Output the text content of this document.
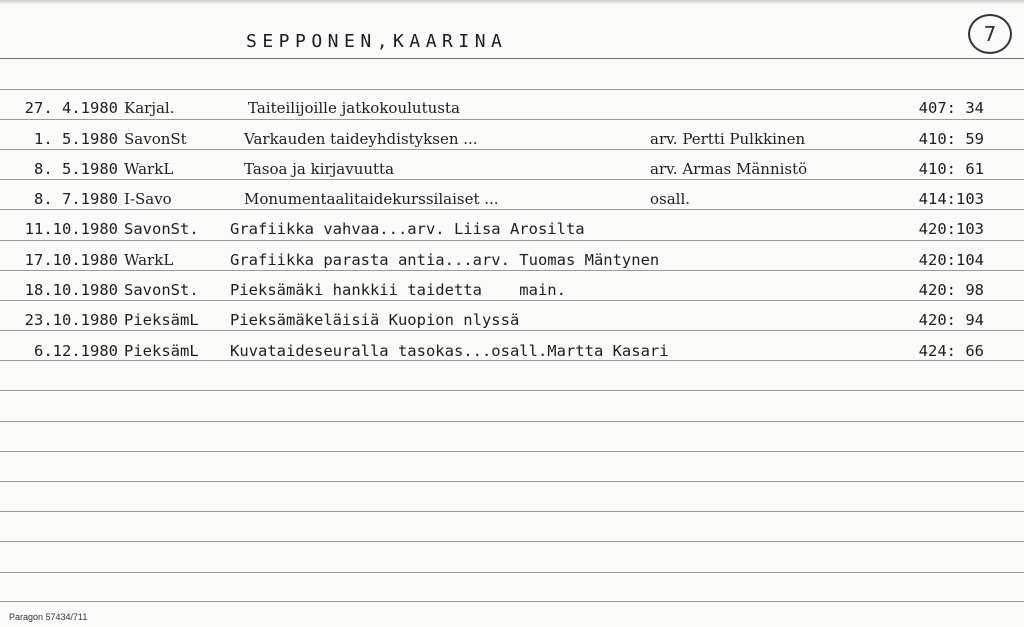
SEPPONEN,KAARINA	7
27. 4.1980 Karjal.	Taiteilijoille jatkokoulutusta	407: 34
1. 5.1980 SavonSt	Varkauden taideyhdistyksen ...	arv. Pertti Pulkkinen	410: 59
8. 5.1980 WarkL	Tasoa ja kirjavuutta	arv. Armas Männistö	410: 61
8. 7.1980 I-Savo	Monumentaalitaidekurssilaiset ...	osall.	414:103
11.10.1980 SavonSt. Grafiikka vahvaa...arv. Liisa Arosilta	420:103
17.10.1980 WarkL	Grafiikka parasta antia...arv. Tuomas Mäntynen	420:104
18.10.1980 SavonSt. Pieksämäki hankkii taidetta    main.	420: 98
23.10.1980 PieksämL Pieksämäkeläisiä Kuopion nlyssä	420: 94
6.12.1980 PieksämL Kuvataideseuralla tasokas...osall.Martta Kasari	424: 66
Paragon 57434/711
